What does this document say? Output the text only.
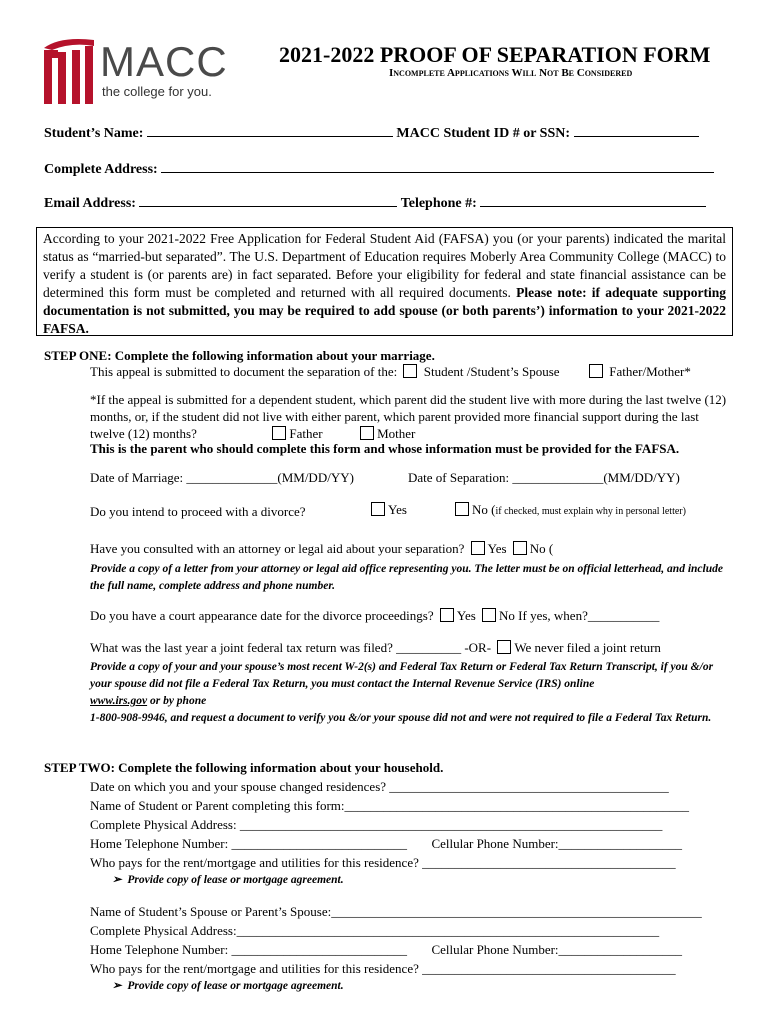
MACC
the college for you.
2021-2022 PROOF OF SEPARATION FORM
Incomplete Applications Will Not Be Considered
Student’s Name:	MACC Student ID # or SSN:
Complete Address:
Email Address:	Telephone #:
According to your 2021-2022 Free Application for Federal Student Aid (FAFSA) you (or your parents) indicated the marital status as “married-but separated”. The U.S. Department of Education requires Moberly Area Community College (MACC) to verify a student is (or parents are) in fact separated. Before your eligibility for federal and state financial assistance can be determined this form must be completed and returned with all required documents. Please note: if adequate supporting documentation is not submitted, you may be required to add spouse (or both parents’) information to your 2021-2022 FAFSA.
STEP ONE: Complete the following information about your marriage.
This appeal is submitted to document the separation of the: Student /Student’s Spouse	Father/Mother*
*If the appeal is submitted for a dependent student, which parent did the student live with more during the last twelve (12) months, or, if the student did not live with either parent, which parent provided more financial support during the last twelve (12) months?	Father	Mother
This is the parent who should complete this form and whose information must be provided for the FAFSA.
Date of Marriage: ______________(MM/DD/YY)	Date of Separation: ______________(MM/DD/YY)
Do you intend to proceed with a divorce?	Yes	No (if checked, must explain why in personal letter)
Have you consulted with an attorney or legal aid about your separation? Yes No (
Provide a copy of a letter from your attorney or legal aid office representing you. The letter must be on official letterhead, and include the full name, complete address and phone number.
Do you have a court appearance date for the divorce proceedings? Yes No If yes, when?___________
What was the last year a joint federal tax return was filed? __________ -OR- We never filed a joint return
Provide a copy of your and your spouse’s most recent W-2(s) and Federal Tax Return or Federal Tax Return Transcript, if you &/or your spouse did not file a Federal Tax Return, you must contact the Internal Revenue Service (IRS) online
www.irs.gov or by phone
1-800-908-9946, and request a document to verify you &/or your spouse did not and were not required to file a Federal Tax Return.
STEP TWO: Complete the following information about your household.
Date on which you and your spouse changed residences? ___________________________________________
Name of Student or Parent completing this form:_____________________________________________________
Complete Physical Address: _________________________________________________________________
Home Telephone Number: ___________________________ Cellular Phone Number:___________________
Who pays for the rent/mortgage and utilities for this residence? _______________________________________
➢ Provide copy of lease or mortgage agreement.
Name of Student’s Spouse or Parent’s Spouse:_________________________________________________________
Complete Physical Address:_________________________________________________________________
Home Telephone Number: ___________________________ Cellular Phone Number:___________________
Who pays for the rent/mortgage and utilities for this residence? _______________________________________
➢ Provide copy of lease or mortgage agreement.
